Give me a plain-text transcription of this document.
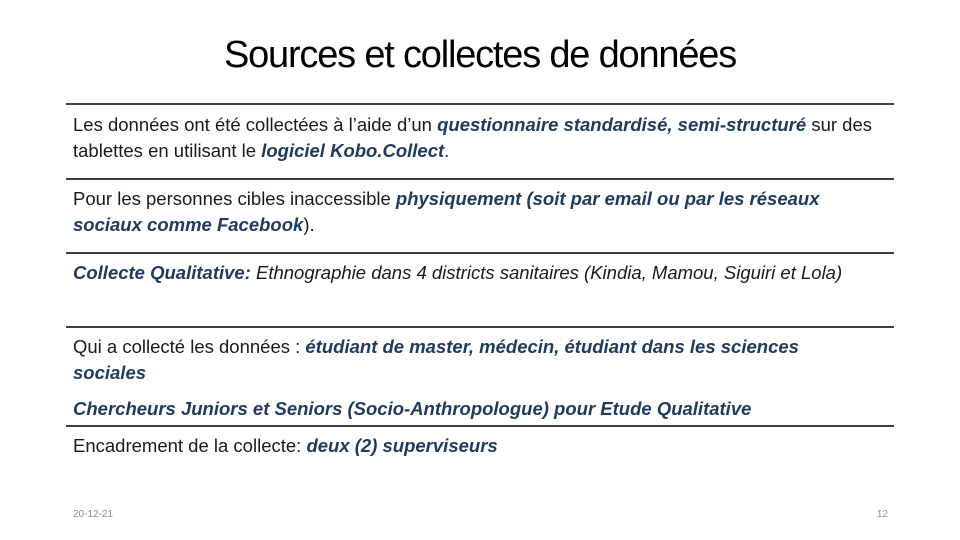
Sources et collectes de données
Les données ont été collectées à l’aide d’un questionnaire standardisé, semi-structuré sur des tablettes en utilisant le logiciel Kobo.Collect.
Pour les personnes cibles inaccessible physiquement (soit par email ou par les réseaux sociaux comme Facebook).
Collecte Qualitative: Ethnographie dans 4 districts sanitaires (Kindia, Mamou, Siguiri et Lola)
Qui a collecté les données : étudiant de master, médecin, étudiant dans les sciences sociales
Chercheurs Juniors et Seniors (Socio-Anthropologue) pour Etude Qualitative
Encadrement de la collecte: deux (2) superviseurs
20-12-21	12
